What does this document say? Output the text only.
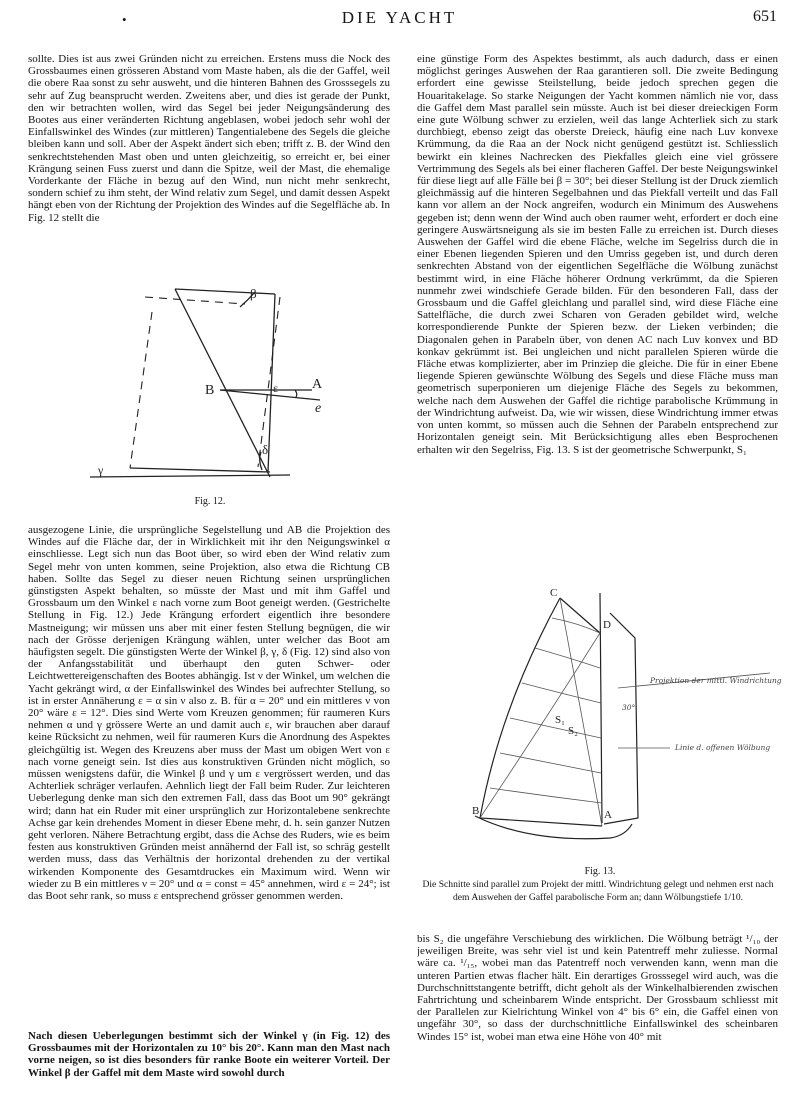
•	DIE YACHT	651

sollte. Dies ist aus zwei Gründen nicht zu erreichen. Erstens muss die Nock des Grossbaumes einen grösseren Abstand vom Maste haben, als die der Gaffel, weil die obere Raa sonst zu sehr ausweht, und die hinteren Bahnen des Grosssegels zu sehr auf Zug beansprucht werden. Zweitens aber, und dies ist gerade der Punkt, den wir betrachten wollen, wird das Segel bei jeder Neigungsänderung des Bootes aus einer veränderten Richtung angeblasen, wobei jedoch sehr wohl der Einfallswinkel des Windes (zur mittleren) Tangentialebene des Segels die gleiche bleiben kann und soll. Aber der Aspekt ändert sich eben; trifft z. B. der Wind den senkrechtstehenden Mast oben und unten gleichzeitig, so erreicht er, bei einer Krängung seinen Fuss zuerst und dann die Spitze, weil der Mast, die ehemalige Vorderkante der Fläche in bezug auf den Wind, nun nicht mehr senkrecht, sondern schief zu ihm steht, der Wind relativ zum Segel, und damit dessen Aspekt hängt eben von der Richtung der Projektion des Windes auf die Segelfläche ab. In Fig. 12 stellt die

A
B
e
ε
β
δ
γ
Fig. 12.

ausgezogene Linie, die ursprüngliche Segelstellung und AB die Projektion des Windes auf die Fläche dar, der in Wirklichkeit mit ihr den Neigungswinkel α einschliesse. Legt sich nun das Boot über, so wird eben der Wind relativ zum Segel mehr von unten kommen, seine Projektion, also etwa die Richtung CB haben. Sollte das Segel zu dieser neuen Richtung seinen ursprünglichen günstigsten Aspekt behalten, so müsste der Mast und mit ihm Gaffel und Grossbaum um den Winkel ε nach vorne zum Boot geneigt werden. (Gestrichelte Stellung in Fig. 12.) Jede Krängung erfordert eigentlich ihre besondere Mastneigung; wir müssen uns aber mit einer festen Stellung begnügen, die wir nach der Grösse derjenigen Krängung wählen, unter welcher das Boot am häufigsten segelt. Die günstigsten Werte der Winkel β, γ, δ (Fig. 12) sind also von der Anfangsstabilität und überhaupt den guten Schwer- oder Leichtwettereigenschaften des Bootes abhängig. Ist ν der Winkel, um welchen die Yacht gekrängt wird, α der Einfallswinkel des Windes bei aufrechter Stellung, so ist in erster Annäherung ε = α sin ν also z. B. für α = 20° und ein mittleres ν von 20° wäre ε = 12°. Dies sind Werte vom Kreuzen genommen; für raumeren Kurs nehmen α und γ grössere Werte an und damit auch ε, wir brauchen aber darauf keine Rücksicht zu nehmen, weil für raumeren Kurs die Anordnung des Aspektes gleichgültig ist. Wegen des Kreuzens aber muss der Mast um obigen Wert von ε nach vorne geneigt sein. Ist dies aus konstruktiven Gründen nicht möglich, so müssen wenigstens dafür, die Winkel β und γ um ε vergrössert werden, und das Achterliek schräger verlaufen. Aehnlich liegt der Fall beim Ruder. Zur leichteren Ueberlegung denke man sich den extremen Fall, dass das Boot um 90° gekrängt wird; dann hat ein Ruder mit einer ursprünglich zur Horizontalebene senkrechte Achse gar kein drehendes Moment in dieser Ebene mehr, d. h. sein ganzer Nutzen geht verloren. Nähere Betrachtung ergibt, dass die Achse des Ruders, wie es beim festen aus konstruktiven Gründen meist annähernd der Fall ist, so schräg gestellt werden muss, dass das Verhältnis der horizontal drehenden zu der vertikal wirkenden Komponente des Gesamtdruckes ein Maximum wird. Wenn wir wieder zu B ein mittleres ν = 20° und α = const = 45° annehmen, wird ε = 24°; ist das Boot sehr rank, so muss ε entsprechend grösser genommen werden.

Nach diesen Ueberlegungen bestimmt sich der Winkel γ (in Fig. 12) des Grossbaumes mit der Horizontalen zu 10° bis 20°. Kann man den Mast nach vorne neigen, so ist dies besonders für ranke Boote ein weiterer Vorteil. Der Winkel β der Gaffel mit dem Maste wird sowohl durch

eine günstige Form des Aspektes bestimmt, als auch dadurch, dass er einen möglichst geringes Auswehen der Raa garantieren soll. Die zweite Bedingung erfordert eine gewisse Steilstellung, beide jedoch sprechen gegen die Houaritakelage. So starke Neigungen der Yacht kommen nämlich nie vor, dass die Gaffel dem Mast parallel sein müsste. Auch ist bei dieser dreieckigen Form eine gute Wölbung schwer zu erzielen, weil das lange Achterliek sich zu stark durchbiegt, ebenso zeigt das oberste Dreieck, häufig eine nach Luv konvexe Krümmung, da die Raa an der Nock nicht genügend gestützt ist. Schliesslich bewirkt ein kleines Nachrecken des Piekfalles gleich eine viel grössere Vertrimmung des Segels als bei einer flacheren Gaffel. Der beste Neigungswinkel für diese liegt auf alle Fälle bei β = 30°; bei dieser Stellung ist der Druck ziemlich gleichmässig auf die hinteren Segelbahnen und das Piekfall verteilt und das Fall kann vor allem an der Nock angreifen, wodurch ein Minimum des Auswehens gegeben ist; denn wenn der Wind auch oben raumer weht, erfordert er doch eine geringere Auswärtsneigung als sie im besten Falle zu erreichen ist. Durch dieses Auswehen der Gaffel wird die ebene Fläche, welche im Segelriss durch die in einer Ebenen liegenden Spieren und den Umriss gegeben ist, und durch deren senkrechten Abstand von der eigentlichen Segelfläche die Wölbung zunächst bestimmt wird, in eine Fläche höherer Ordnung verkrümmt, da die Spieren nunmehr zwei windschiefe Gerade bilden. Für den besonderen Fall, dass der Grossbaum und die Gaffel gleichlang und parallel sind, wird diese Fläche eine Sattelfläche, die durch zwei Scharen von Geraden gebildet wird, welche korrespondierende Punkte der Spieren bezw. der Lieken verbinden; die Diagonalen gehen in Parabeln über, von denen AC nach Luv konvex und BD konkav gekrümmt ist. Bei ungleichen und nicht parallelen Spieren würde die Fläche etwas komplizierter, aber im Prinziep die gleiche. Die für in einer Ebene liegende Spieren gewünschte Wölbung des Segels und diese Fläche muss man geometrisch superponieren um diejenige Fläche des Segels zu bekommen, welche nach dem Auswehen der Gaffel die richtige parabolische Krümmung in der Windrichtung aufweist. Da, wie wir wissen, diese Windrichtung immer etwas von unten kommt, so müssen auch die Sehnen der Parabeln entsprechend zur Horizontalen geneigt sein. Mit Berücksichtigung alles eben Besprochenen erhalten wir den Segelriss, Fig. 13. S ist der geometrische Schwerpunkt, S₁

C
A
B
D
S₁
S₂
Projektion der mittl. Windrichtung
30°
Linie d. offenen Wölbung
Fig. 13.
Die Schnitte sind parallel zum Projekt der mittl. Windrichtung gelegt und nehmen erst nach dem Auswehen der Gaffel parabolische Form an; dann Wölbungstiefe 1/10.

bis S₂ die ungefähre Verschiebung des wirklichen. Die Wölbung beträgt ¹/₁₀ der jeweiligen Breite, was sehr viel ist und kein Patentreff mehr zuliesse. Normal wäre ca. ¹/₁₅, wobei man das Patentreff noch verwenden kann, wenn man die unteren Partien etwas flacher hält. Ein derartiges Grosssegel wird auch, was die Durchschnittstangente betrifft, dicht geholt als der Winkelhalbierenden zwischen Fahrtrichtung und scheinbarem Winde entspricht. Der Grossbaum schliesst mit der Parallelen zur Kielrichtung Winkel von 4° bis 6° ein, die Gaffel einen von ungefähr 30°, so dass der durchschnittliche Einfallswinkel des scheinbaren Windes 15° ist, wobei man etwa eine Höhe von 40° mit
